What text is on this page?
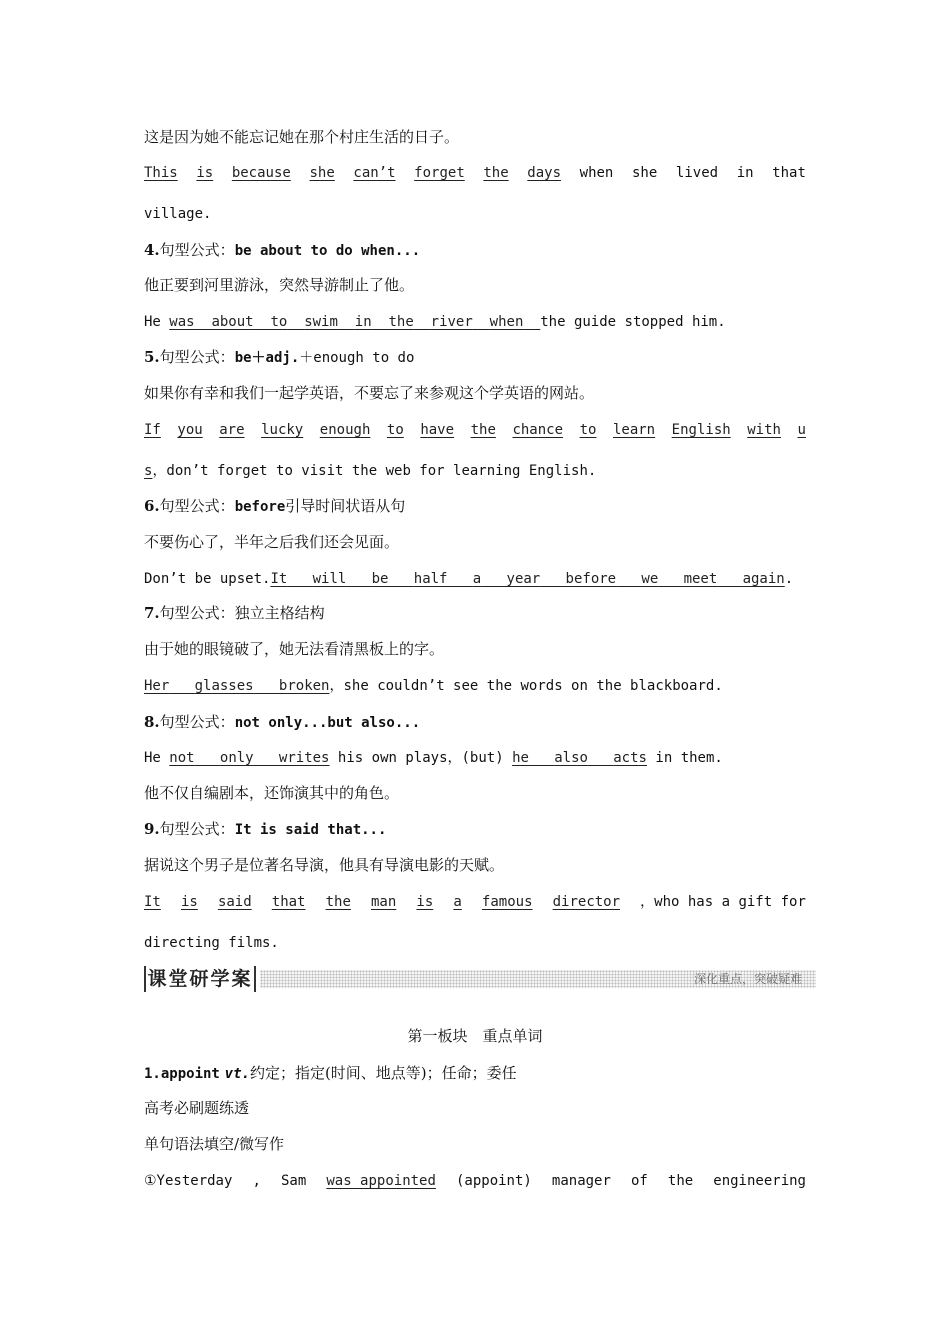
这是因为她不能忘记她在那个村庄生活的日子。
This is because she can’t forget the days when she lived in that
village.
4.句型公式：be about to do when...
他正要到河里游泳，突然导游制止了他。
He was about to swim in the river when the guide stopped him.
5.句型公式：be＋adj.＋enough to do
如果你有幸和我们一起学英语，不要忘了来参观这个学英语的网站。
If you are lucky enough to have the chance to learn English with u
s，don’t forget to visit the web for learning English.
6.句型公式：before引导时间状语从句
不要伤心了，半年之后我们还会见面。
Don’t be upset.It will be half a year before we meet again.
7.句型公式：独立主格结构
由于她的眼镜破了，她无法看清黑板上的字。
Her glasses broken，she couldn’t see the words on the blackboard.
8.句型公式：not only...but also...
He not only writes his own plays，(but) he also acts in them.
他不仅自编剧本，还饰演其中的角色。
9.句型公式：It is said that...
据说这个男子是位著名导演，他具有导演电影的天赋。
It is said that the man is a famous director ，who has a gift for
directing films.
课堂研学案	深化重点，突破疑难
第一板块　重点单词
1.appoint vt.约定；指定(时间、地点等)；任命；委任
高考必刷题练透
单句语法填空/微写作
①Yesterday , Sam was appointed (appoint) manager of the engineering
